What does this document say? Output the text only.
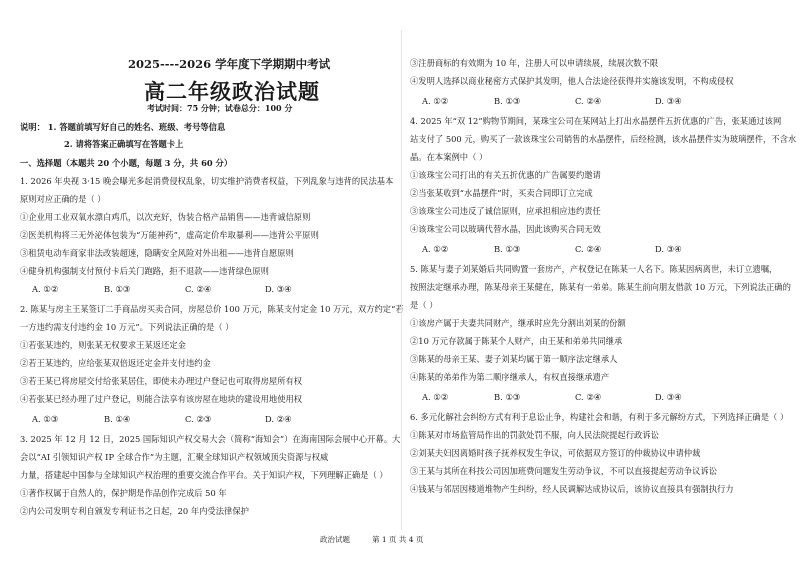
2025----2026 学年度下学期期中考试
高二年级政治试题
考试时间：75 分钟；试卷总分：100 分
说明： 1. 答题前填写好自己的姓名、班级、考号等信息
2. 请将答案正确填写在答题卡上
一、选择题（本题共 20 个小题，每题 3 分，共 60 分）
1. 2026 年央视 3·15 晚会曝光多起消费侵权乱象，切实维护消费者权益，下列乱象与违背的民法基本
原则对应正确的是（ ）
①企业用工业双氧水漂白鸡爪，以次充好，伪装合格产品销售——违背诚信原则
②医美机构将三无外泌体包装为“万能神药”，虚高定价牟取暴利——违背公平原则
③租赁电动车商家非法改装超速，隐瞒安全风险对外出租——违背自愿原则
④健身机构强制支付预付卡后关门跑路，拒不退款——违背绿色原则
A. ①②	B. ①③	C. ②④	D. ③④
2. 陈某与房主王某签订二手商品房买卖合同，房屋总价 100 万元，陈某支付定金 10 万元，双方约定“若
一方违约需支付违约金 10 万元”。下列说法正确的是（ ）
①若张某违约，则张某无权要求王某返还定金
②若王某违约，应给张某双倍返还定金并支付违约金
③若王某已将房屋交付给张某居住，即使未办理过户登记也可取得房屋所有权
④若张某已经办理了过户登记，则能合法享有该房屋在地块的建设用地使用权
A. ①③	B. ①④	C. ②③	D. ②④
3. 2025 年 12 月 12 日，2025 国际知识产权交易大会（简称“海知会”）在海南国际会展中心开幕。大
会以“AI 引领知识产权 IP 全球合作”为主题，汇聚全球知识产权领域顶尖资源与权威
力量，搭建起中国参与全球知识产权治理的重要交流合作平台。关于知识产权，下列理解正确是（ ）
①著作权属于自然人的，保护期是作品创作完成后 50 年
②内公司发明专利自颁发专利证书之日起，20 年内受法律保护
③注册商标的有效期为 10 年，注册人可以申请续展，续展次数不限
④发明人选择以商业秘密方式保护其发明，他人合法途径获得并实施该发明，不构成侵权
A. ①②	B. ①③	C. ②④	D. ③④
4. 2025 年“双 12”购物节期间，某珠宝公司在某网站上打出水晶摆件五折优惠的广告，张某通过该网
站支付了 500 元，购买了一款该珠宝公司销售的水晶摆件，后经检测，该水晶摆件实为玻璃摆件，不含水
晶。在本案例中（ ）
①该珠宝公司打出的有关五折优惠的广告属要约邀请
②当张某收到“水晶摆件”时，买卖合同即订立完成
③该珠宝公司违反了诚信原则，应承担相应违约责任
④该珠宝公司以玻璃代替水晶，因此该购买合同无效
A. ①②	B. ①③	C. ②④	D. ③④
5. 陈某与妻子刘某婚后共同购置一套房产，产权登记在陈某一人名下。陈某因病离世，未订立遗嘱，
按照法定继承办理，陈某母亲王某健在，陈某有一弟弟。陈某生前向朋友借款 10 万元，下列说法正确的
是（ ）
①该房产属于夫妻共同财产，继承时应先分割出刘某的份额
②10 万元存款属于陈某个人财产，由王某和弟弟共同继承
③陈某的母亲王某、妻子刘某均属于第一顺序法定继承人
④陈某的弟弟作为第二顺序继承人，有权直接继承遗产
A. ①②	B. ①③	C. ②④	D. ③④
6. 多元化解社会纠纷方式有利于息讼止争，构建社会和谐，有利于多元解纷方式，下列选择正确是（ ）
①陈某对市场监管局作出的罚款处罚不服，向人民法院提起行政诉讼
②刘某夫妇因离婚时孩子抚养权发生争议，可依据双方签订的仲裁协议申请仲裁
③王某与其所在科技公司因加班费问题发生劳动争议，不可以直接提起劳动争议诉讼
④钱某与邻居因楼道堆物产生纠纷，经人民调解达成协议后，该协议直接具有强制执行力
政治试题	第 1 页 共 4 页
